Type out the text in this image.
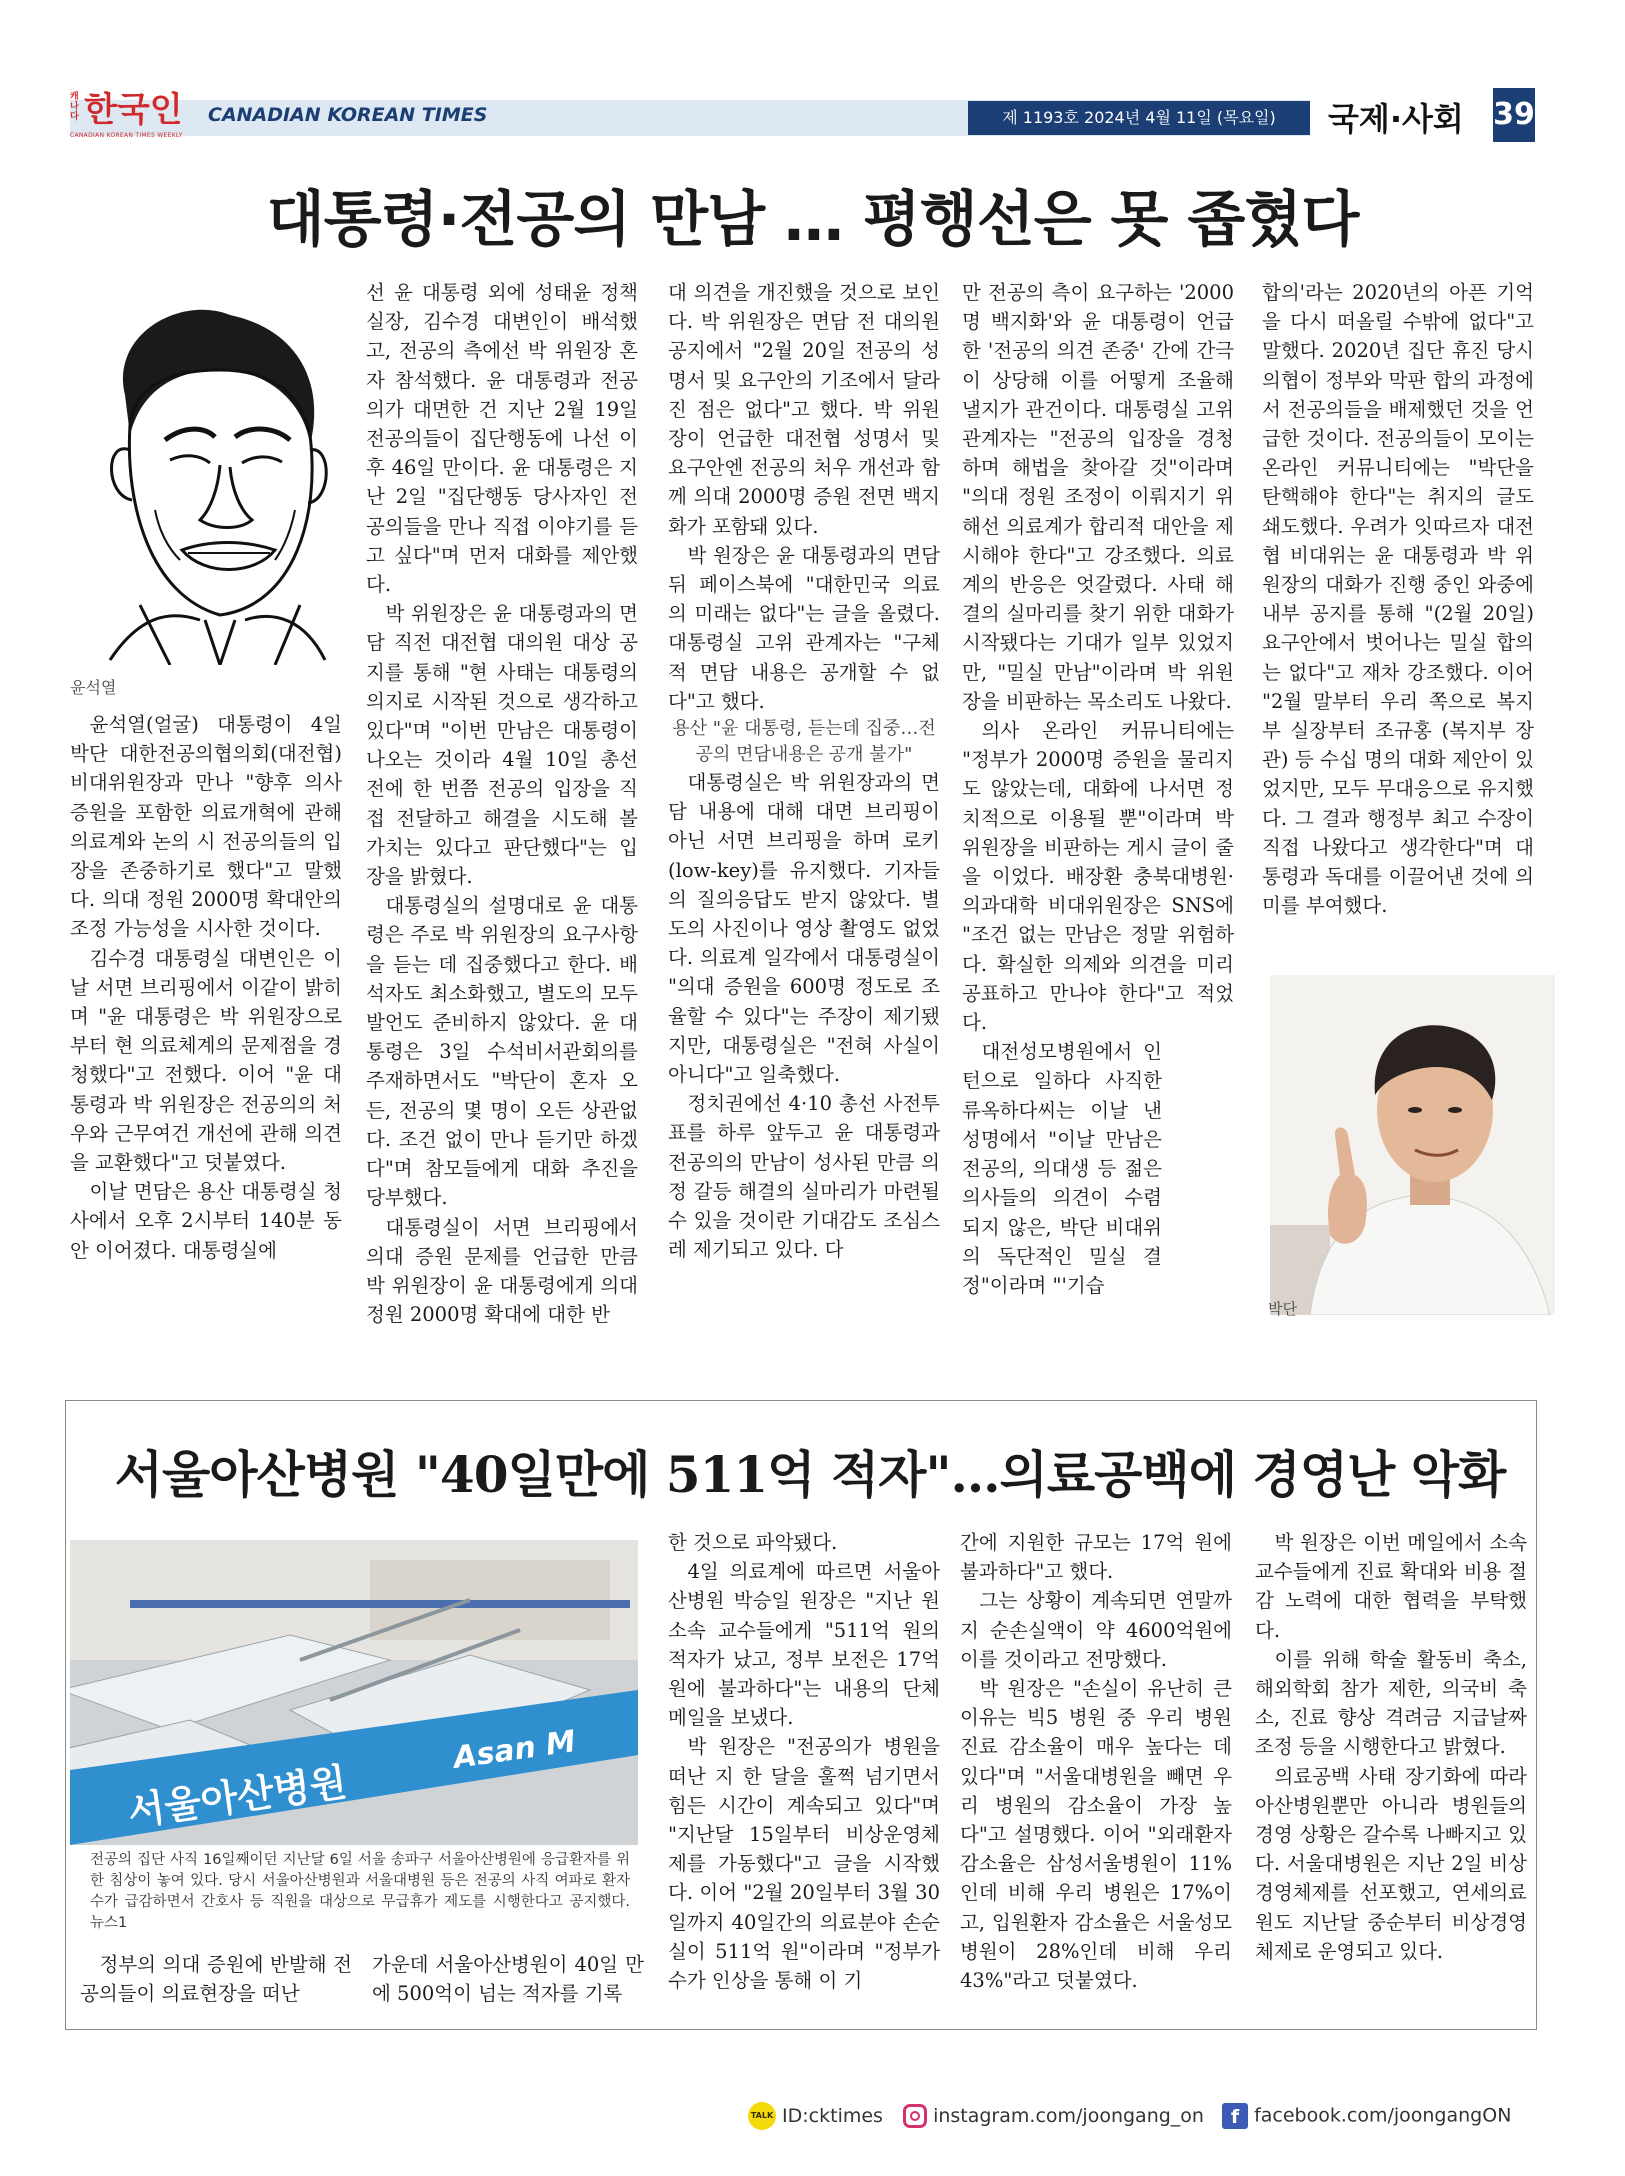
캐나다 한국인
CANADIAN KOREAN TIMES WEEKLY
CANADIAN KOREAN TIMES	제 1193호 2024년 4월 11일 (목요일)	국제·사회 39
대통령·전공의 만남 … 평행선은 못 좁혔다
윤석열

윤석열(얼굴) 대통령이 4일 박단 대한전공의협의회(대전협) 비대위원장과 만나 "향후 의사 증원을 포함한 의료개혁에 관해 의료계와 논의 시 전공의들의 입장을 존중하기로 했다"고 말했다. 의대 정원 2000명 확대안의 조정 가능성을 시사한 것이다.

김수경 대통령실 대변인은 이날 서면 브리핑에서 이같이 밝히며 "윤 대통령은 박 위원장으로부터 현 의료체계의 문제점을 경청했다"고 전했다. 이어 "윤 대통령과 박 위원장은 전공의의 처우와 근무여건 개선에 관해 의견을 교환했다"고 덧붙였다.

이날 면담은 용산 대통령실 청사에서 오후 2시부터 140분 동안 이어졌다. 대통령실에

선 윤 대통령 외에 성태윤 정책실장, 김수경 대변인이 배석했고, 전공의 측에선 박 위원장 혼자 참석했다. 윤 대통령과 전공의가 대면한 건 지난 2월 19일 전공의들이 집단행동에 나선 이후 46일 만이다. 윤 대통령은 지난 2일 "집단행동 당사자인 전공의들을 만나 직접 이야기를 듣고 싶다"며 먼저 대화를 제안했다.

박 위원장은 윤 대통령과의 면담 직전 대전협 대의원 대상 공지를 통해 "현 사태는 대통령의 의지로 시작된 것으로 생각하고 있다"며 "이번 만남은 대통령이 나오는 것이라 4월 10일 총선 전에 한 번쯤 전공의 입장을 직접 전달하고 해결을 시도해 볼 가치는 있다고 판단했다"는 입장을 밝혔다.

대통령실의 설명대로 윤 대통령은 주로 박 위원장의 요구사항을 듣는 데 집중했다고 한다. 배석자도 최소화했고, 별도의 모두발언도 준비하지 않았다. 윤 대통령은 3일 수석비서관회의를 주재하면서도 "박단이 혼자 오든, 전공의 몇 명이 오든 상관없다. 조건 없이 만나 듣기만 하겠다"며 참모들에게 대화 추진을 당부했다.

대통령실이 서면 브리핑에서 의대 증원 문제를 언급한 만큼 박 위원장이 윤 대통령에게 의대 정원 2000명 확대에 대한 반

대 의견을 개진했을 것으로 보인다. 박 위원장은 면담 전 대의원 공지에서 "2월 20일 전공의 성명서 및 요구안의 기조에서 달라진 점은 없다"고 했다. 박 위원장이 언급한 대전협 성명서 및 요구안엔 전공의 처우 개선과 함께 의대 2000명 증원 전면 백지화가 포함돼 있다.

박 원장은 윤 대통령과의 면담 뒤 페이스북에 "대한민국 의료의 미래는 없다"는 글을 올렸다. 대통령실 고위 관계자는 "구체적 면담 내용은 공개할 수 없다"고 했다.

용산 "윤 대통령, 듣는데 집중…전공의 면담내용은 공개 불가"

대통령실은 박 위원장과의 면담 내용에 대해 대면 브리핑이 아닌 서면 브리핑을 하며 로키(low-key)를 유지했다. 기자들의 질의응답도 받지 않았다. 별도의 사진이나 영상 촬영도 없었다. 의료계 일각에서 대통령실이 "의대 증원을 600명 정도로 조율할 수 있다"는 주장이 제기됐지만, 대통령실은 "전혀 사실이 아니다"고 일축했다.

정치권에선 4·10 총선 사전투표를 하루 앞두고 윤 대통령과 전공의의 만남이 성사된 만큼 의정 갈등 해결의 실마리가 마련될 수 있을 것이란 기대감도 조심스레 제기되고 있다. 다

만 전공의 측이 요구하는 '2000명 백지화'와 윤 대통령이 언급한 '전공의 의견 존중' 간에 간극이 상당해 이를 어떻게 조율해 낼지가 관건이다. 대통령실 고위 관계자는 "전공의 입장을 경청하며 해법을 찾아갈 것"이라며 "의대 정원 조정이 이뤄지기 위해선 의료계가 합리적 대안을 제시해야 한다"고 강조했다. 의료계의 반응은 엇갈렸다. 사태 해결의 실마리를 찾기 위한 대화가 시작됐다는 기대가 일부 있었지만, "밀실 만남"이라며 박 위원장을 비판하는 목소리도 나왔다.

의사 온라인 커뮤니티에는 "정부가 2000명 증원을 물리지도 않았는데, 대화에 나서면 정치적으로 이용될 뿐"이라며 박 위원장을 비판하는 게시 글이 줄을 이었다. 배장환 충북대병원·의과대학 비대위원장은 SNS에 "조건 없는 만남은 정말 위험하다. 확실한 의제와 의견을 미리 공표하고 만나야 한다"고 적었다.

대전성모병원에서 인턴으로 일하다 사직한 류옥하다씨는 이날 낸 성명에서 "이날 만남은 전공의, 의대생 등 젊은 의사들의 의견이 수렴되지 않은, 박단 비대위의 독단적인 밀실 결정"이라며 "'기습

합의'라는 2020년의 아픈 기억을 다시 떠올릴 수밖에 없다"고 말했다. 2020년 집단 휴진 당시 의협이 정부와 막판 합의 과정에서 전공의들을 배제했던 것을 언급한 것이다. 전공의들이 모이는 온라인 커뮤니티에는 "박단을 탄핵해야 한다"는 취지의 글도 쇄도했다. 우려가 잇따르자 대전협 비대위는 윤 대통령과 박 위원장의 대화가 진행 중인 와중에 내부 공지를 통해 "(2월 20일) 요구안에서 벗어나는 밀실 합의는 없다"고 재차 강조했다. 이어 "2월 말부터 우리 쪽으로 복지부 실장부터 조규홍 (복지부 장관) 등 수십 명의 대화 제안이 있었지만, 모두 무대응으로 유지했다. 그 결과 행정부 최고 수장이 직접 나왔다고 생각한다"며 대통령과 독대를 이끌어낸 것에 의미를 부여했다.

박단
서울아산병원 "40일만에 511억 적자"…의료공백에 경영난 악화
서울아산병원
Asan M
전공의 집단 사직 16일째이던 지난달 6일 서울 송파구 서울아산병원에 응급환자를 위한 침상이 놓여 있다. 당시 서울아산병원과 서울대병원 등은 전공의 사직 여파로 환자 수가 급감하면서 간호사 등 직원을 대상으로 무급휴가 제도를 시행한다고 공지했다. 뉴스1

정부의 의대 증원에 반발해 전공의들이 의료현장을 떠난

가운데 서울아산병원이 40일 만에 500억이 넘는 적자를 기록

한 것으로 파악됐다.

4일 의료계에 따르면 서울아산병원 박승일 원장은 "지난 원 소속 교수들에게 "511억 원의 적자가 났고, 정부 보전은 17억 원에 불과하다"는 내용의 단체 메일을 보냈다.

박 원장은 "전공의가 병원을 떠난 지 한 달을 훌쩍 넘기면서 힘든 시간이 계속되고 있다"며 "지난달 15일부터 비상운영체제를 가동했다"고 글을 시작했다. 이어 "2월 20일부터 3월 30일까지 40일간의 의료분야 손순실이 511억 원"이라며 "정부가 수가 인상을 통해 이 기

간에 지원한 규모는 17억 원에 불과하다"고 했다.

그는 상황이 계속되면 연말까지 순손실액이 약 4600억원에 이를 것이라고 전망했다.

박 원장은 "손실이 유난히 큰 이유는 빅5 병원 중 우리 병원 진료 감소율이 매우 높다는 데 있다"며 "서울대병원을 빼면 우리 병원의 감소율이 가장 높다"고 설명했다. 이어 "외래환자 감소율은 삼성서울병원이 11%인데 비해 우리 병원은 17%이고, 입원환자 감소율은 서울성모병원이 28%인데 비해 우리 43%"라고 덧붙였다.

박 원장은 이번 메일에서 소속 교수들에게 진료 확대와 비용 절감 노력에 대한 협력을 부탁했다.

이를 위해 학술 활동비 축소, 해외학회 참가 제한, 의국비 축소, 진료 향상 격려금 지급날짜 조정 등을 시행한다고 밝혔다.

의료공백 사태 장기화에 따라 아산병원뿐만 아니라 병원들의 경영 상황은 갈수록 나빠지고 있다. 서울대병원은 지난 2일 비상경영체제를 선포했고, 연세의료원도 지난달 중순부터 비상경영체제로 운영되고 있다.

TALK ID:cktimes	instagram.com/joongang_on f facebook.com/joongangON
